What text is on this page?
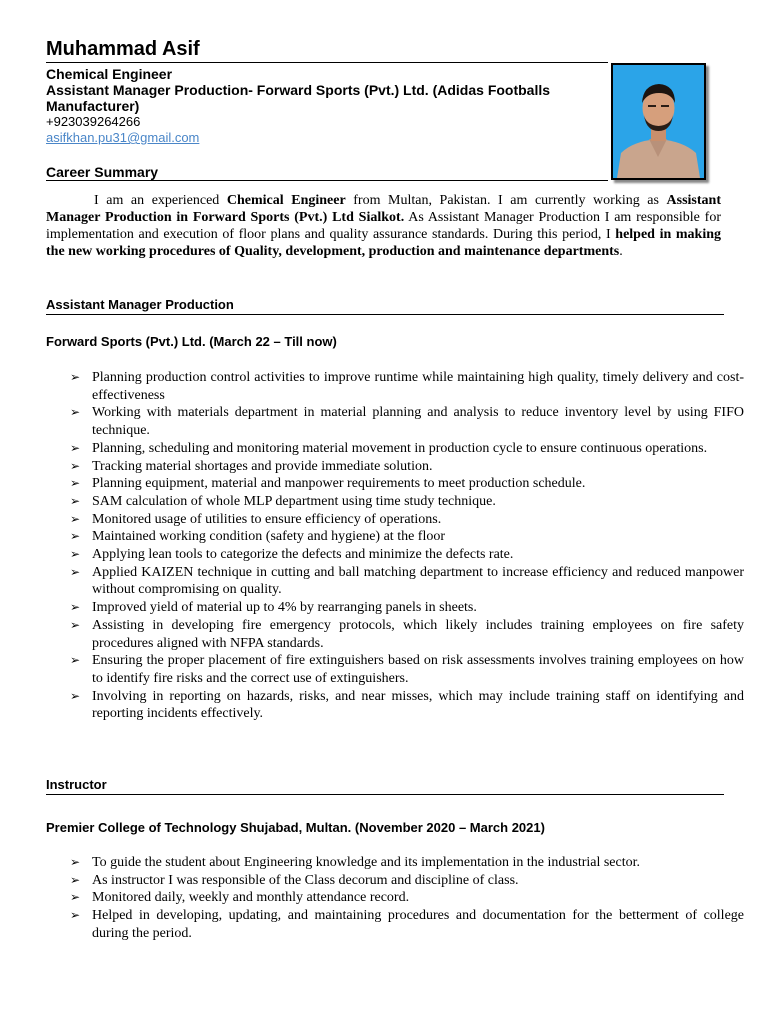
Muhammad Asif
Chemical Engineer
Assistant Manager Production- Forward Sports (Pvt.) Ltd. (Adidas Footballs Manufacturer)
+923039264266
asifkhan.pu31@gmail.com
Career Summary

I am an experienced Chemical Engineer from Multan, Pakistan. I am currently working as Assistant Manager Production in Forward Sports (Pvt.) Ltd Sialkot. As Assistant Manager Production I am responsible for implementation and execution of floor plans and quality assurance standards. During this period, I helped in making the new working procedures of Quality, development, production and maintenance departments.

Assistant Manager Production
Forward Sports (Pvt.) Ltd. (March 22 – Till now)
➢ Planning production control activities to improve runtime while maintaining high quality, timely delivery and cost-effectiveness
➢ Working with materials department in material planning and analysis to reduce inventory level by using FIFO technique.
➢ Planning, scheduling and monitoring material movement in production cycle to ensure continuous operations.
➢ Tracking material shortages and provide immediate solution.
➢ Planning equipment, material and manpower requirements to meet production schedule.
➢ SAM calculation of whole MLP department using time study technique.
➢ Monitored usage of utilities to ensure efficiency of operations.
➢ Maintained working condition (safety and hygiene) at the floor
➢ Applying lean tools to categorize the defects and minimize the defects rate.
➢ Applied KAIZEN technique in cutting and ball matching department to increase efficiency and reduced manpower without compromising on quality.
➢ Improved yield of material up to 4% by rearranging panels in sheets.
➢ Assisting in developing fire emergency protocols, which likely includes training employees on fire safety procedures aligned with NFPA standards.
➢ Ensuring the proper placement of fire extinguishers based on risk assessments involves training employees on how to identify fire risks and the correct use of extinguishers.
➢ Involving in reporting on hazards, risks, and near misses, which may include training staff on identifying and reporting incidents effectively.
Instructor
Premier College of Technology Shujabad, Multan. (November 2020 – March 2021)
➢ To guide the student about Engineering knowledge and its implementation in the industrial sector.
➢ As instructor I was responsible of the Class decorum and discipline of class.
➢ Monitored daily, weekly and monthly attendance record.
➢ Helped in developing, updating, and maintaining procedures and documentation for the betterment of college during the period.
